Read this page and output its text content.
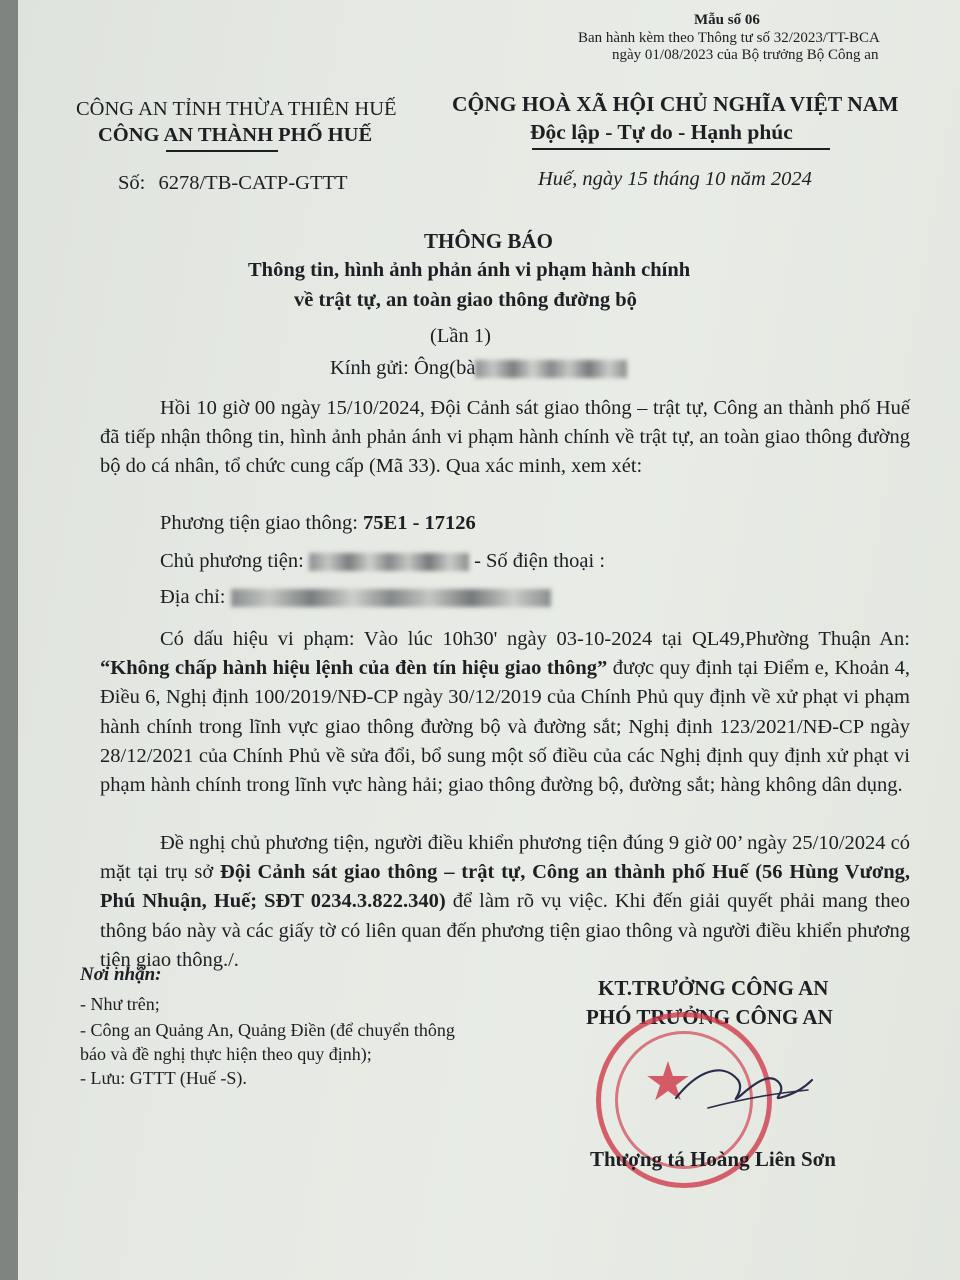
Mẫu số 06
Ban hành kèm theo Thông tư số 32/2023/TT-BCA
ngày 01/08/2023 của Bộ trưởng Bộ Công an
CÔNG AN TỈNH THỪA THIÊN HUẾ
CÔNG AN THÀNH PHỐ HUẾ
Số: 6278/TB-CATP-GTTT
CỘNG HOÀ XÃ HỘI CHỦ NGHĨA VIỆT NAM
Độc lập - Tự do - Hạnh phúc
Huế, ngày 15 tháng 10 năm 2024
THÔNG BÁO
Thông tin, hình ảnh phản ánh vi phạm hành chính
về trật tự, an toàn giao thông đường bộ
(Lần 1)
Kính gửi: Ông(bà

Hồi 10 giờ 00 ngày 15/10/2024, Đội Cảnh sát giao thông – trật tự, Công an thành phố Huế đã tiếp nhận thông tin, hình ảnh phản ánh vi phạm hành chính về trật tự, an toàn giao thông đường bộ do cá nhân, tổ chức cung cấp (Mã 33). Qua xác minh, xem xét:

Phương tiện giao thông: 75E1 - 17126
Chủ phương tiện:	- Số điện thoại :
Địa chỉ:

Có dấu hiệu vi phạm: Vào lúc 10h30' ngày 03-10-2024 tại QL49,Phường Thuận An: “Không chấp hành hiệu lệnh của đèn tín hiệu giao thông” được quy định tại Điểm e, Khoản 4, Điều 6, Nghị định 100/2019/NĐ-CP ngày 30/12/2019 của Chính Phủ quy định về xử phạt vi phạm hành chính trong lĩnh vực giao thông đường bộ và đường sắt; Nghị định 123/2021/NĐ-CP ngày 28/12/2021 của Chính Phủ về sửa đổi, bổ sung một số điều của các Nghị định quy định xử phạt vi phạm hành chính trong lĩnh vực hàng hải; giao thông đường bộ, đường sắt; hàng không dân dụng.

Đề nghị chủ phương tiện, người điều khiển phương tiện đúng 9 giờ 00’ ngày 25/10/2024 có mặt tại trụ sở Đội Cảnh sát giao thông – trật tự, Công an thành phố Huế (56 Hùng Vương, Phú Nhuận, Huế; SĐT 0234.3.822.340) để làm rõ vụ việc. Khi đến giải quyết phải mang theo thông báo này và các giấy tờ có liên quan đến phương tiện giao thông và người điều khiển phương tiện giao thông./.

Nơi nhận:
- Như trên;
- Công an Quảng An, Quảng Điền (để chuyển thông
báo và đề nghị thực hiện theo quy định);
- Lưu: GTTT (Huế -S).
KT.TRƯỞNG CÔNG AN
PHÓ TRƯỞNG CÔNG AN
★
Thượng tá Hoàng Liên Sơn
